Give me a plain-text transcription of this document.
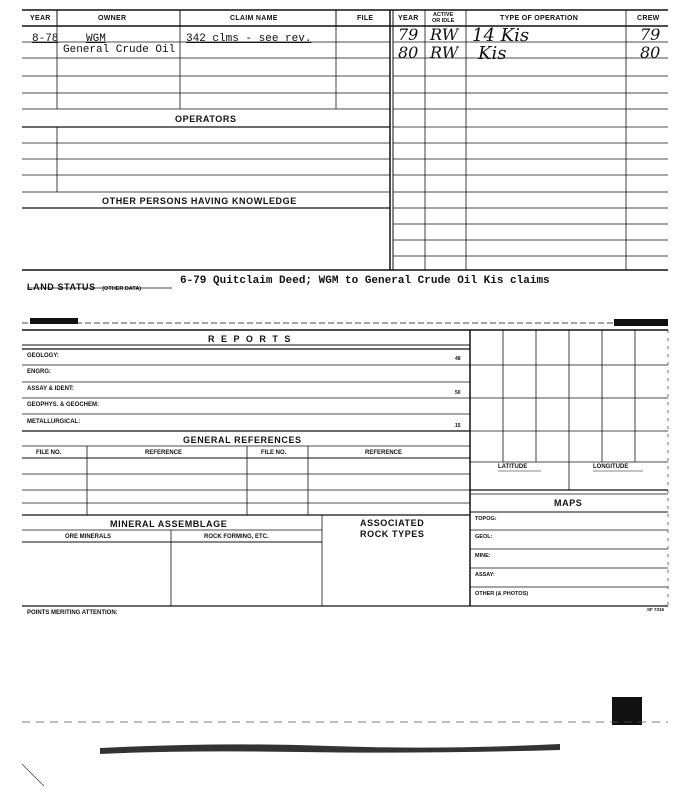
YEAR	OWNER	CLAIM NAME	FILE	YEAR	ACTIVE
OR IDLE	TYPE OF OPERATION	CREW
8-78	WGM	342 clms - see rev.
General Crude Oil
79 RW 14 Kis	79
80 RW Kis	80
OPERATORS
OTHER PERSONS HAVING KNOWLEDGE
LAND STATUS (OTHER DATA)
6-79 Quitclaim Deed; WGM to General Crude Oil Kis claims
R E P O R T S
GEOLOGY:	48
ENGRG:
ASSAY & IDENT:
50
GEOPHYS. & GEOCHEM:
METALLURGICAL:
15
GENERAL REFERENCES
FILE NO.	REFERENCE	FILE NO.	REFERENCE
LATITUDE	LONGITUDE
MAPS
TOPOG:
GEOL:
MINE:
ASSAY:
OTHER (& PHOTOS)
MINERAL ASSEMBLAGE
ORE MINERALS	ROCK FORMING, ETC.
ASSOCIATED
ROCK TYPES
POINTS MERITING ATTENTION:
SF 7315
